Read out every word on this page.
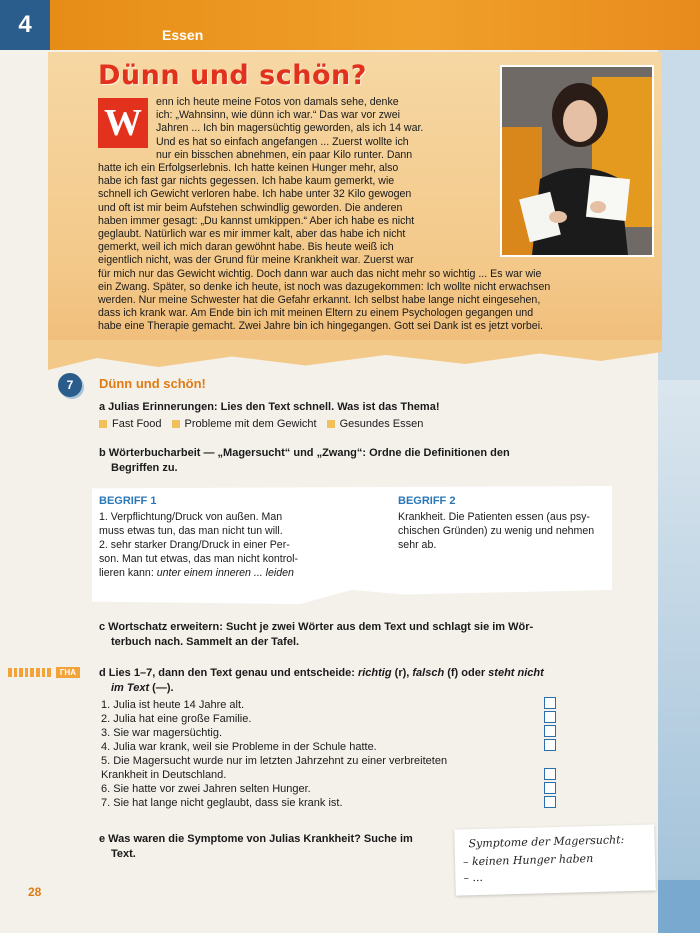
4	Essen
Dünn und schön?
W	enn ich heute meine Fotos von damals sehe, denke
ich: „Wahnsinn, wie dünn ich war.“ Das war vor zwei
Jahren ... Ich bin magersüchtig geworden, als ich 14 war.
Und es hat so einfach angefangen ... Zuerst wollte ich
nur ein bisschen abnehmen, ein paar Kilo runter. Dann
hatte ich ein Erfolgserlebnis. Ich hatte keinen Hunger mehr, also
habe ich fast gar nichts gegessen. Ich habe kaum gemerkt, wie
schnell ich Gewicht verloren habe. Ich habe unter 32 Kilo gewogen
und oft ist mir beim Aufstehen schwindlig geworden. Die anderen
haben immer gesagt: „Du kannst umkippen.“ Aber ich habe es nicht
geglaubt. Natürlich war es mir immer kalt, aber das habe ich nicht
gemerkt, weil ich mich daran gewöhnt habe. Bis heute weiß ich
eigentlich nicht, was der Grund für meine Krankheit war. Zuerst war
für mich nur das Gewicht wichtig. Doch dann war auch das nicht mehr so wichtig ... Es war wie
ein Zwang. Später, so denke ich heute, ist noch was dazugekommen: Ich wollte nicht erwachsen
werden. Nur meine Schwester hat die Gefahr erkannt. Ich selbst habe lange nicht eingesehen,
dass ich krank war. Am Ende bin ich mit meinen Eltern zu einem Psychologen gegangen und
habe eine Therapie gemacht. Zwei Jahre bin ich hingegangen. Gott sei Dank ist es jetzt vorbei.
7	Dünn und schön!
a Julias Erinnerungen: Lies den Text schnell. Was ist das Thema!
Fast Food Probleme mit dem Gewicht Gesundes Essen
b Wörterbucharbeit — „Magersucht“ und „Zwang“: Ordne die Definitionen den
Begriffen zu.
BEGRIFF 1
1. Verpflichtung/Druck von außen. Man
muss etwas tun, das man nicht tun will.
2. sehr starker Drang/Druck in einer Per-
son. Man tut etwas, das man nicht kontrol-
lieren kann: unter einem inneren ... leiden
BEGRIFF 2
Krankheit. Die Patienten essen (aus psy-
chischen Gründen) zu wenig und nehmen
sehr ab.
c Wortschatz erweitern: Sucht je zwei Wörter aus dem Text und schlagt sie im Wör-
terbuch nach. Sammelt an der Tafel.
ГНА	d Lies 1–7, dann den Text genau und entscheide: richtig (r), falsch (f) oder steht nicht
im Text (—).
1. Julia ist heute 14 Jahre alt.
2. Julia hat eine große Familie.
3. Sie war magersüchtig.
4. Julia war krank, weil sie Probleme in der Schule hatte.
5. Die Magersucht wurde nur im letzten Jahrzehnt zu einer verbreiteten
Krankheit in Deutschland.
6. Sie hatte vor zwei Jahren selten Hunger.
7. Sie hat lange nicht geglaubt, dass sie krank ist.
e Was waren die Symptome von Julias Krankheit? Suche im
Text.
Symptome der Magersucht:
– keinen Hunger haben
– ...
28
